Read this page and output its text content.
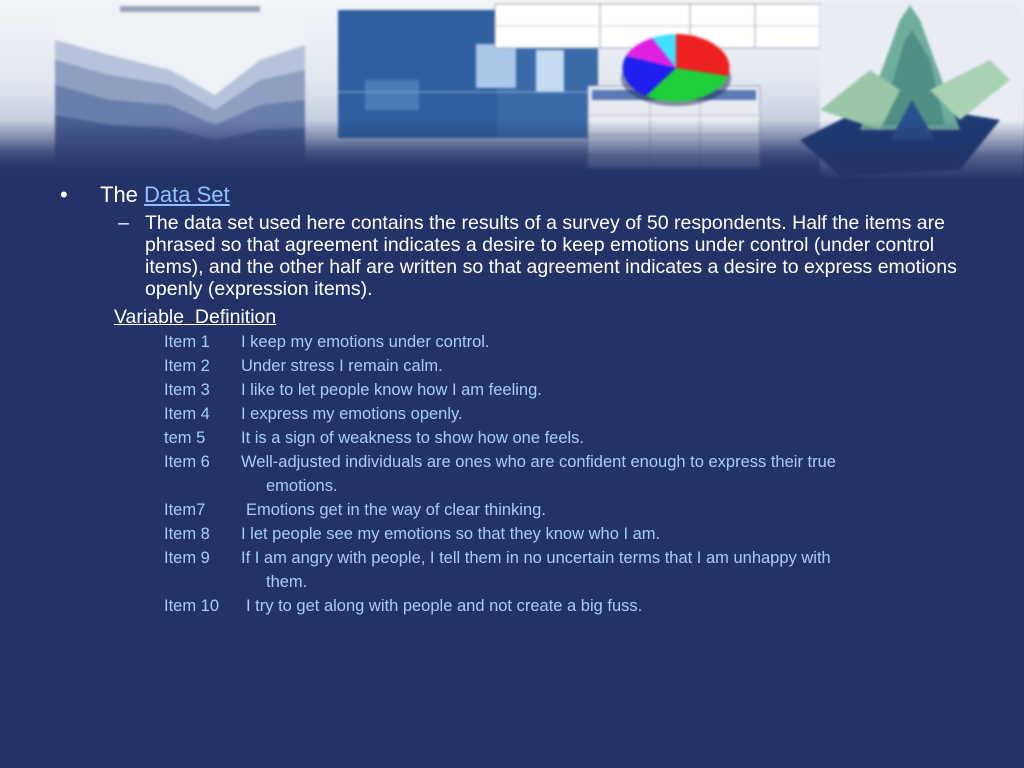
• The Data Set
– The data set used here contains the results of a survey of 50 respondents. Half the items are phrased so that agreement indicates a desire to keep emotions under control (under control items), and the other half are written so that agreement indicates a desire to express emotions openly (expression items).
Variable  Definition
Item 1 I keep my emotions under control.
Item 2 Under stress I remain calm.
Item 3 I like to let people know how I am feeling.
Item 4 I express my emotions openly.
tem 5 It is a sign of weakness to show how one feels.
Item 6 Well-adjusted individuals are ones who are confident enough to express their true
emotions.
Item7 Emotions get in the way of clear thinking.
Item 8 I let people see my emotions so that they know who I am.
Item 9 If I am angry with people, I tell them in no uncertain terms that I am unhappy with
them.
Item 10 I try to get along with people and not create a big fuss.
